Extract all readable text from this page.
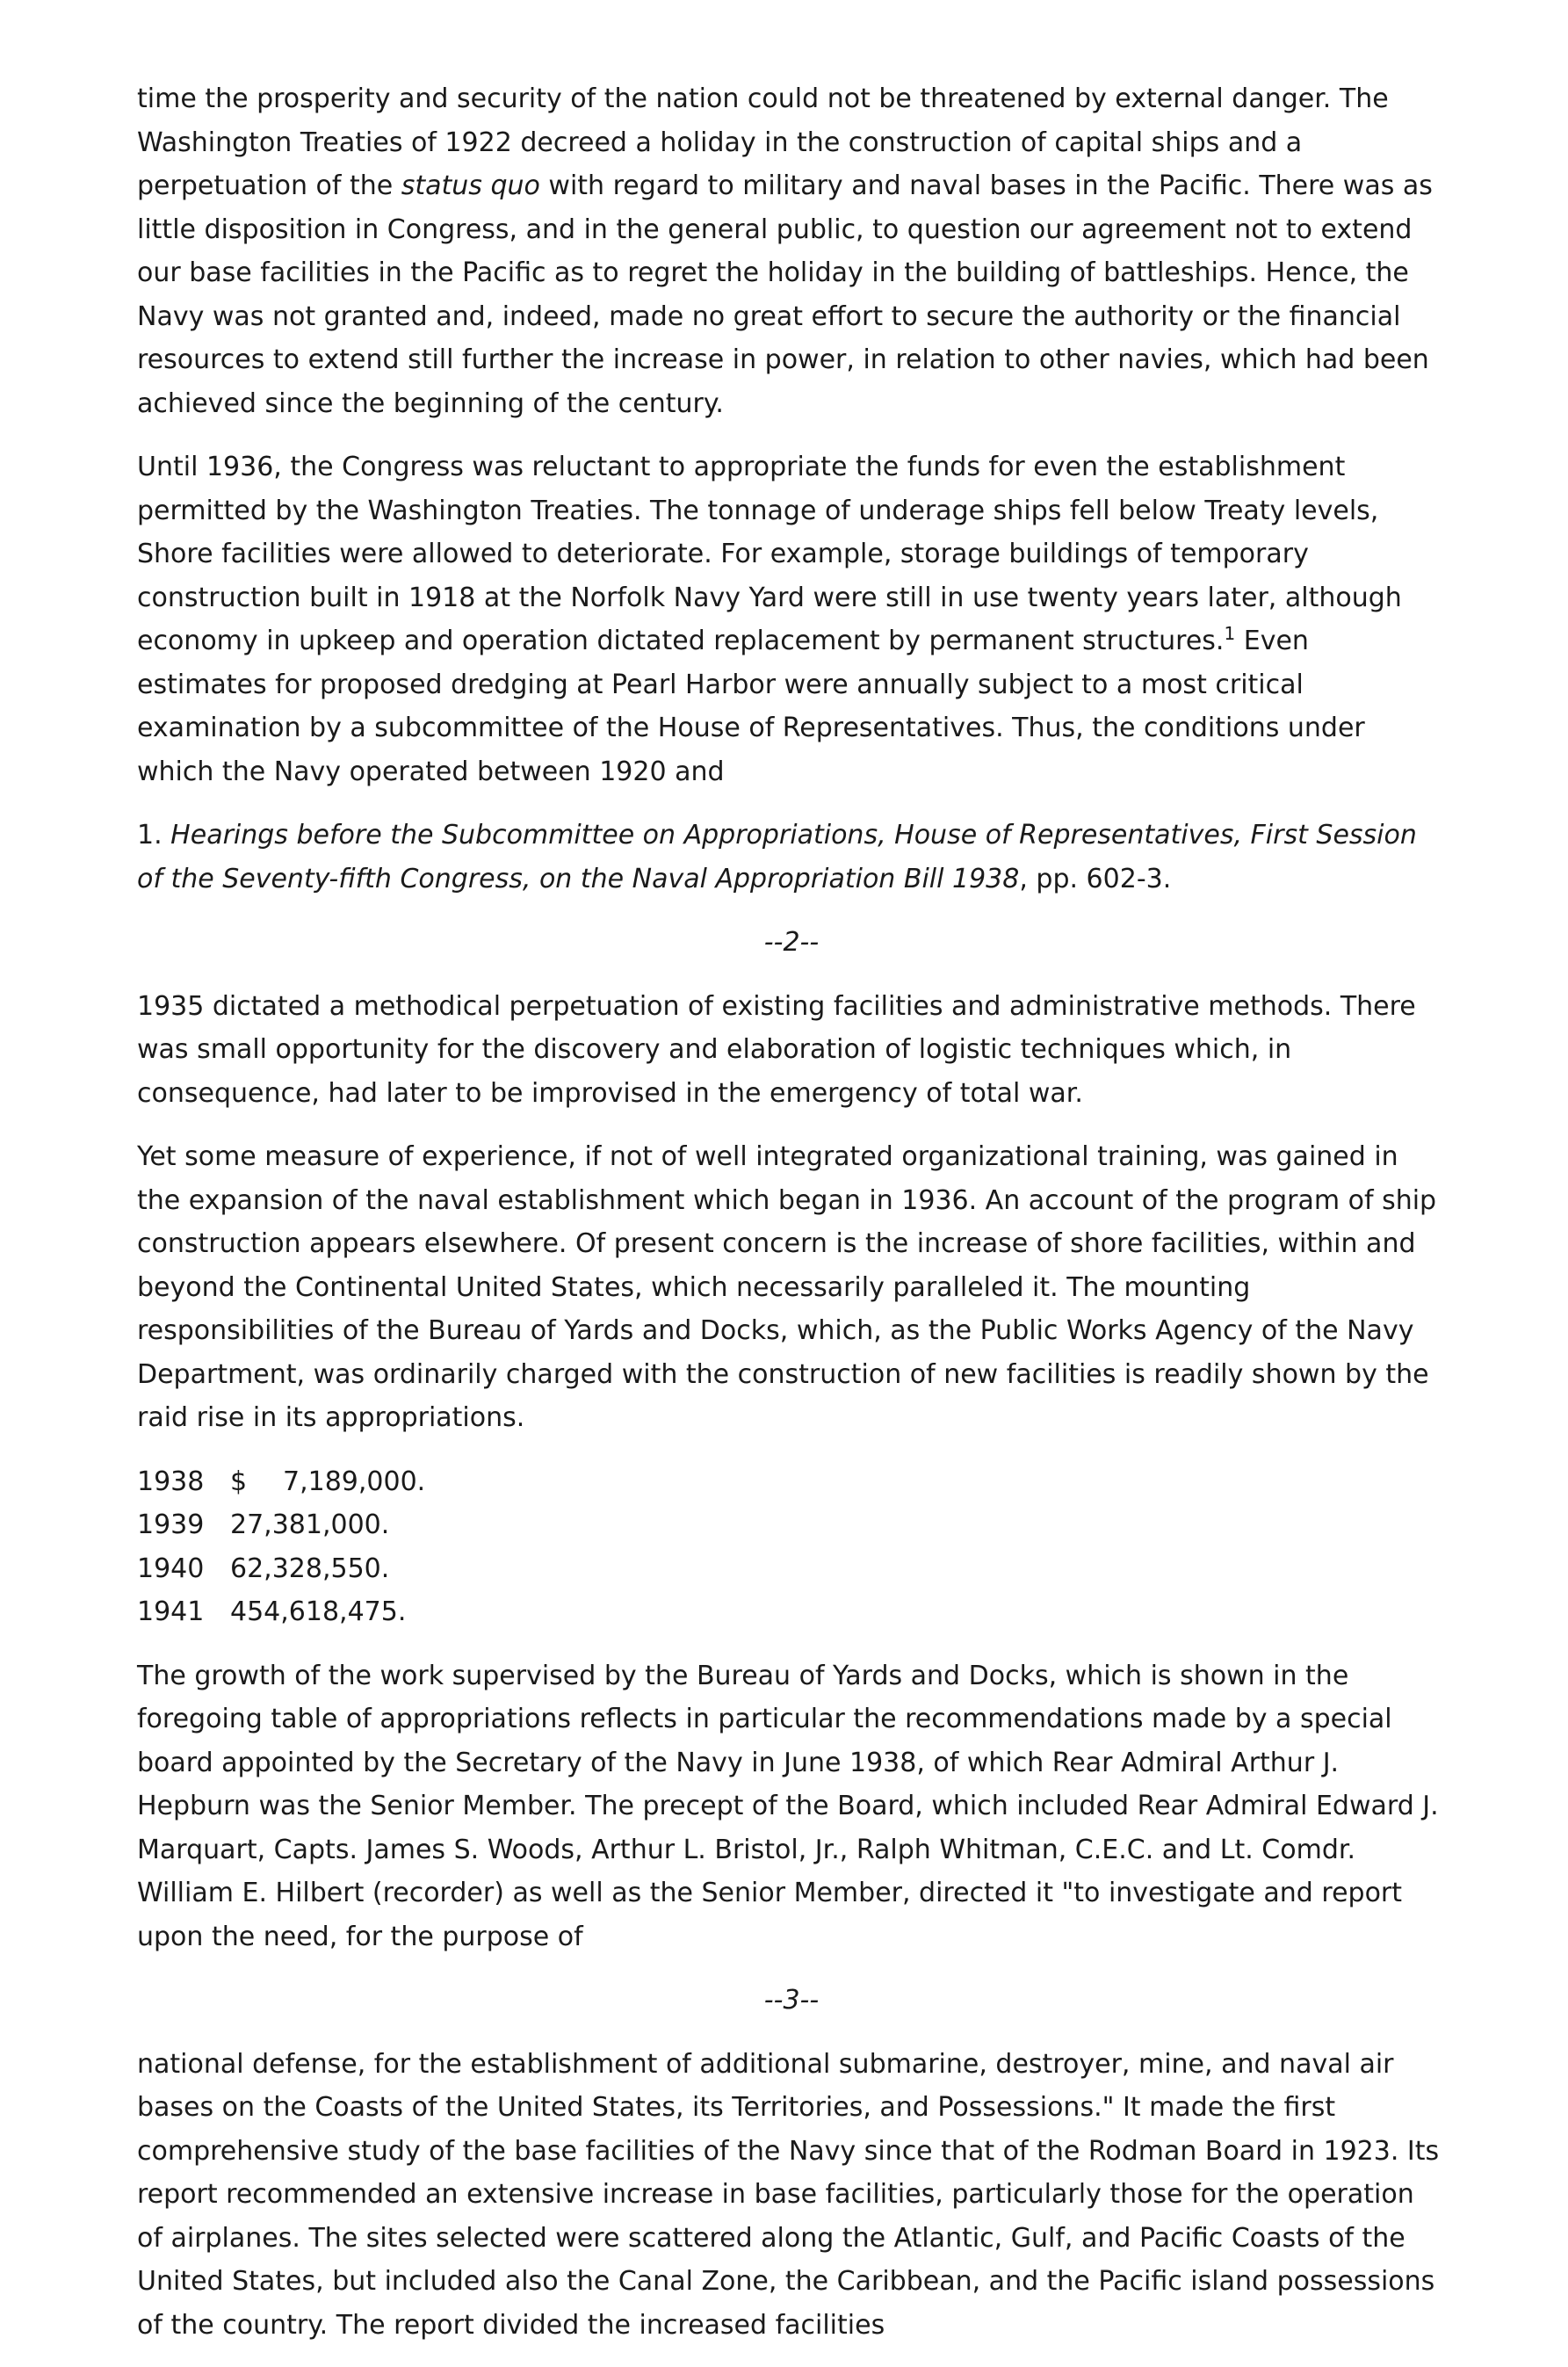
time the prosperity and security of the nation could not be threatened by external danger. The Washington Treaties of 1922 decreed a holiday in the construction of capital ships and a perpetuation of the status quo with regard to military and naval bases in the Pacific. There was as little disposition in Congress, and in the general public, to question our agreement not to extend our base facilities in the Pacific as to regret the holiday in the building of battleships. Hence, the Navy was not granted and, indeed, made no great effort to secure the authority or the financial resources to extend still further the increase in power, in relation to other navies, which had been achieved since the beginning of the century.

Until 1936, the Congress was reluctant to appropriate the funds for even the establishment permitted by the Washington Treaties. The tonnage of underage ships fell below Treaty levels, Shore facilities were allowed to deteriorate. For example, storage buildings of temporary construction built in 1918 at the Norfolk Navy Yard were still in use twenty years later, although economy in upkeep and operation dictated replacement by permanent structures.$^1$ Even estimates for proposed dredging at Pearl Harbor were annually subject to a most critical examination by a subcommittee of the House of Representatives. Thus, the conditions under which the Navy operated between 1920 and

1. Hearings before the Subcommittee on Appropriations, House of Representatives, First Session of the Seventy-fifth Congress, on the Naval Appropriation Bill 1938, pp. 602-3.

--2--

1935 dictated a methodical perpetuation of existing facilities and administrative methods. There was small opportunity for the discovery and elaboration of logistic techniques which, in consequence, had later to be improvised in the emergency of total war.

Yet some measure of experience, if not of well integrated organizational training, was gained in the expansion of the naval establishment which began in 1936. An account of the program of ship construction appears elsewhere. Of present concern is the increase of shore facilities, within and beyond the Continental United States, which necessarily paralleled it. The mounting responsibilities of the Bureau of Yards and Docks, which, as the Public Works Agency of the Navy Department, was ordinarily charged with the construction of new facilities is readily shown by the raid rise in its appropriations.

1938	$	7,189,000.
1939	27,381,000.	
1940	62,328,550.	
1941	454,618,475.	

The growth of the work supervised by the Bureau of Yards and Docks, which is shown in the foregoing table of appropriations reflects in particular the recommendations made by a special board appointed by the Secretary of the Navy in June 1938, of which Rear Admiral Arthur J. Hepburn was the Senior Member. The precept of the Board, which included Rear Admiral Edward J. Marquart, Capts. James S. Woods, Arthur L. Bristol, Jr., Ralph Whitman, C.E.C. and Lt. Comdr. William E. Hilbert (recorder) as well as the Senior Member, directed it "to investigate and report upon the need, for the purpose of

--3--

national defense, for the establishment of additional submarine, destroyer, mine, and naval air bases on the Coasts of the United States, its Territories, and Possessions." It made the first comprehensive study of the base facilities of the Navy since that of the Rodman Board in 1923. Its report recommended an extensive increase in base facilities, particularly those for the operation of airplanes. The sites selected were scattered along the Atlantic, Gulf, and Pacific Coasts of the United States, but included also the Canal Zone, the Caribbean, and the Pacific island possessions of the country. The report divided the increased facilities
